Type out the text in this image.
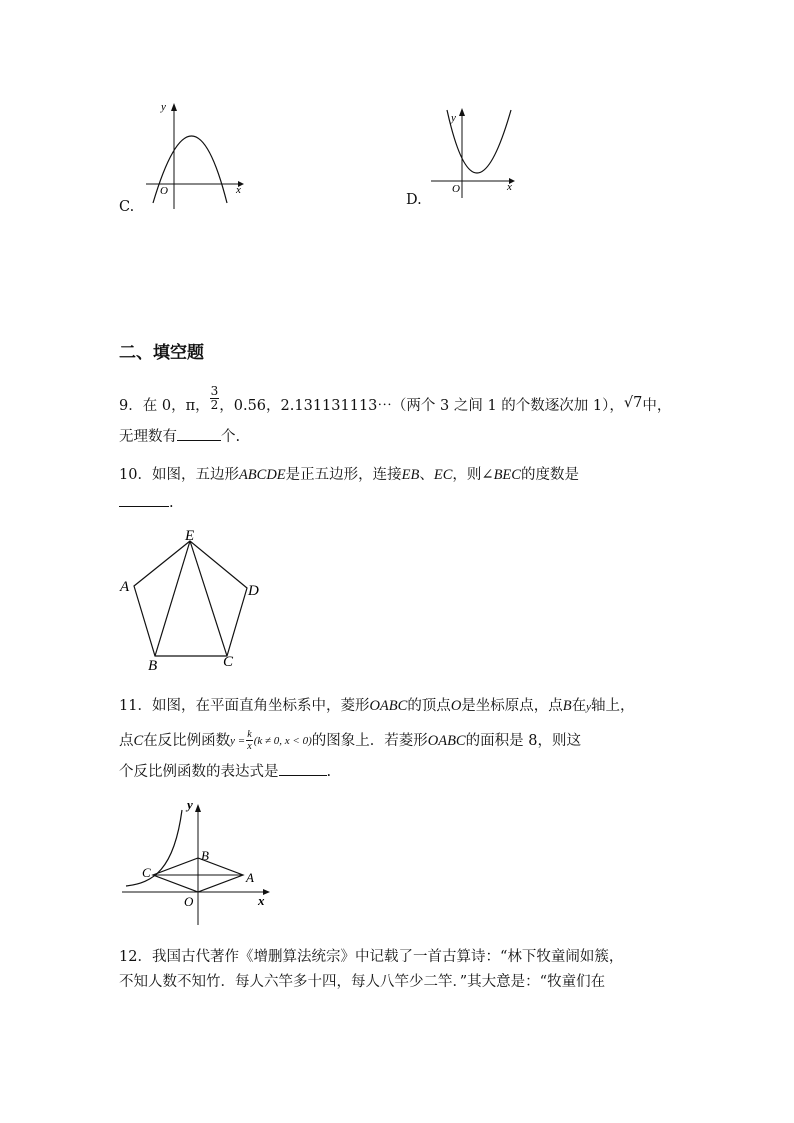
x
y
O
C.
x
y
O
D.
二、填空题
9． 在 0，π， $\frac{3}{2}$ ，0.56，2.131131113⋯（两个 3 之间 1 的个数逐次加 1）， √7 中，
无理数有	个.
10．如图，五边形ABCDE是正五边形，连接EB、EC，则∠BEC的度数是
.
E
A
B	C
D
11．如图，在平面直角坐标系中，菱形OABC的顶点O是坐标原点，点B在y轴上，
点 C 在反比例函数 $y = \frac{k}{x} (k \ne 0$, x < 0) 的图象上．若菱形 OABC 的面积是 8，则这
个反比例函数的表达式是	.
B
C	A
O	x
y
12．我国古代著作《增删算法统宗》中记载了一首古算诗：“林下牧童闹如簇，
不知人数不知竹．每人六竿多十四，每人八竿少二竿．”其大意是：“牧童们在
